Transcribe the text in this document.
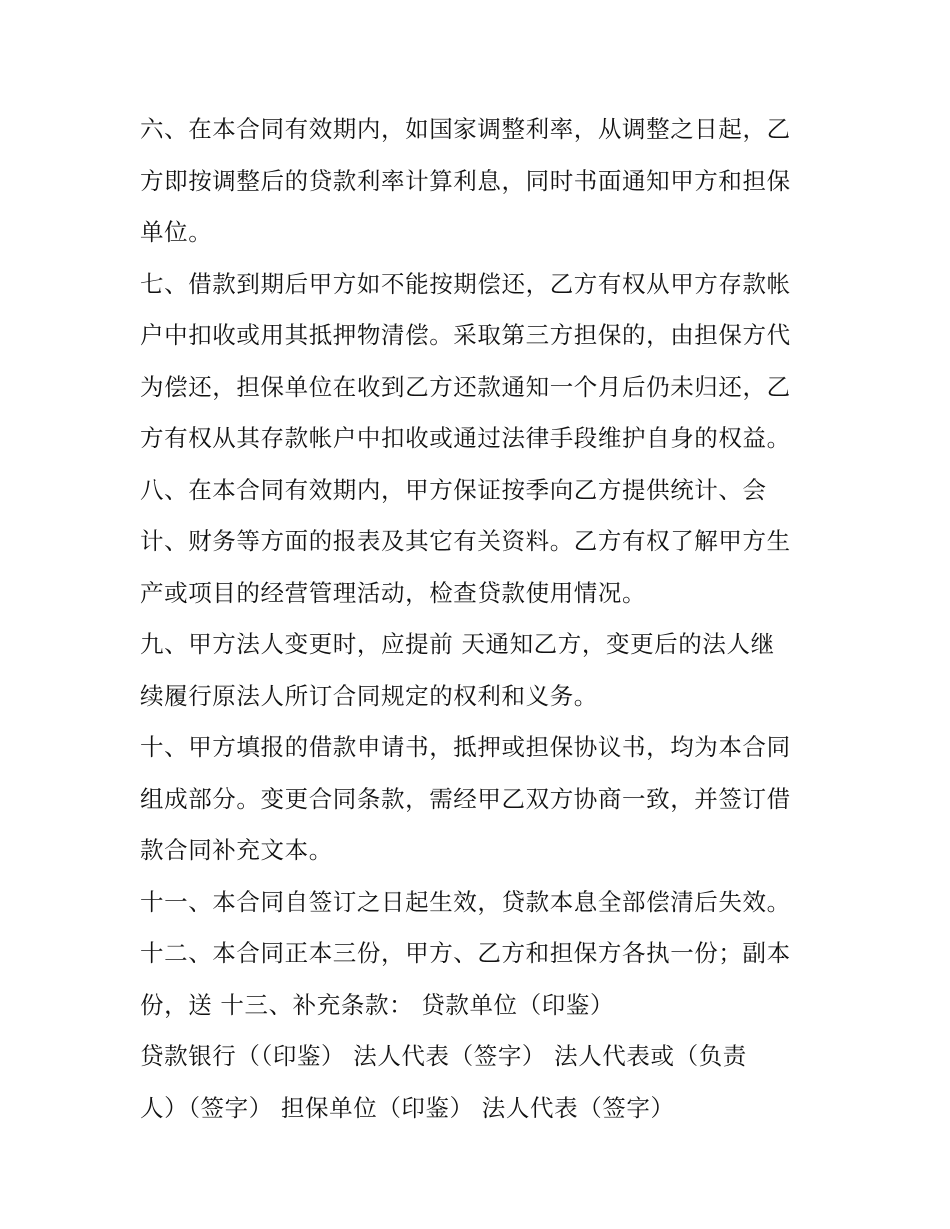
六、在本合同有效期内，如国家调整利率，从调整之日起，乙
方即按调整后的贷款利率计算利息，同时书面通知甲方和担保
单位。
七、借款到期后甲方如不能按期偿还，乙方有权从甲方存款帐
户中扣收或用其抵押物清偿。采取第三方担保的，由担保方代
为偿还，担保单位在收到乙方还款通知一个月后仍未归还，乙
方有权从其存款帐户中扣收或通过法律手段维护自身的权益。
八、在本合同有效期内，甲方保证按季向乙方提供统计、会
计、财务等方面的报表及其它有关资料。乙方有权了解甲方生
产或项目的经营管理活动，检查贷款使用情况。
九、甲方法人变更时，应提前 天通知乙方，变更后的法人继
续履行原法人所订合同规定的权利和义务。
十、甲方填报的借款申请书，抵押或担保协议书，均为本合同
组成部分。变更合同条款，需经甲乙双方协商一致，并签订借
款合同补充文本。
十一、本合同自签订之日起生效，贷款本息全部偿清后失效。
十二、本合同正本三份，甲方、乙方和担保方各执一份；副本
份，送 十三、补充条款： 贷款单位（印鉴）
贷款银行（（印鉴） 法人代表（签字） 法人代表或（负责
人）（签字） 担保单位（印鉴） 法人代表（签字）
